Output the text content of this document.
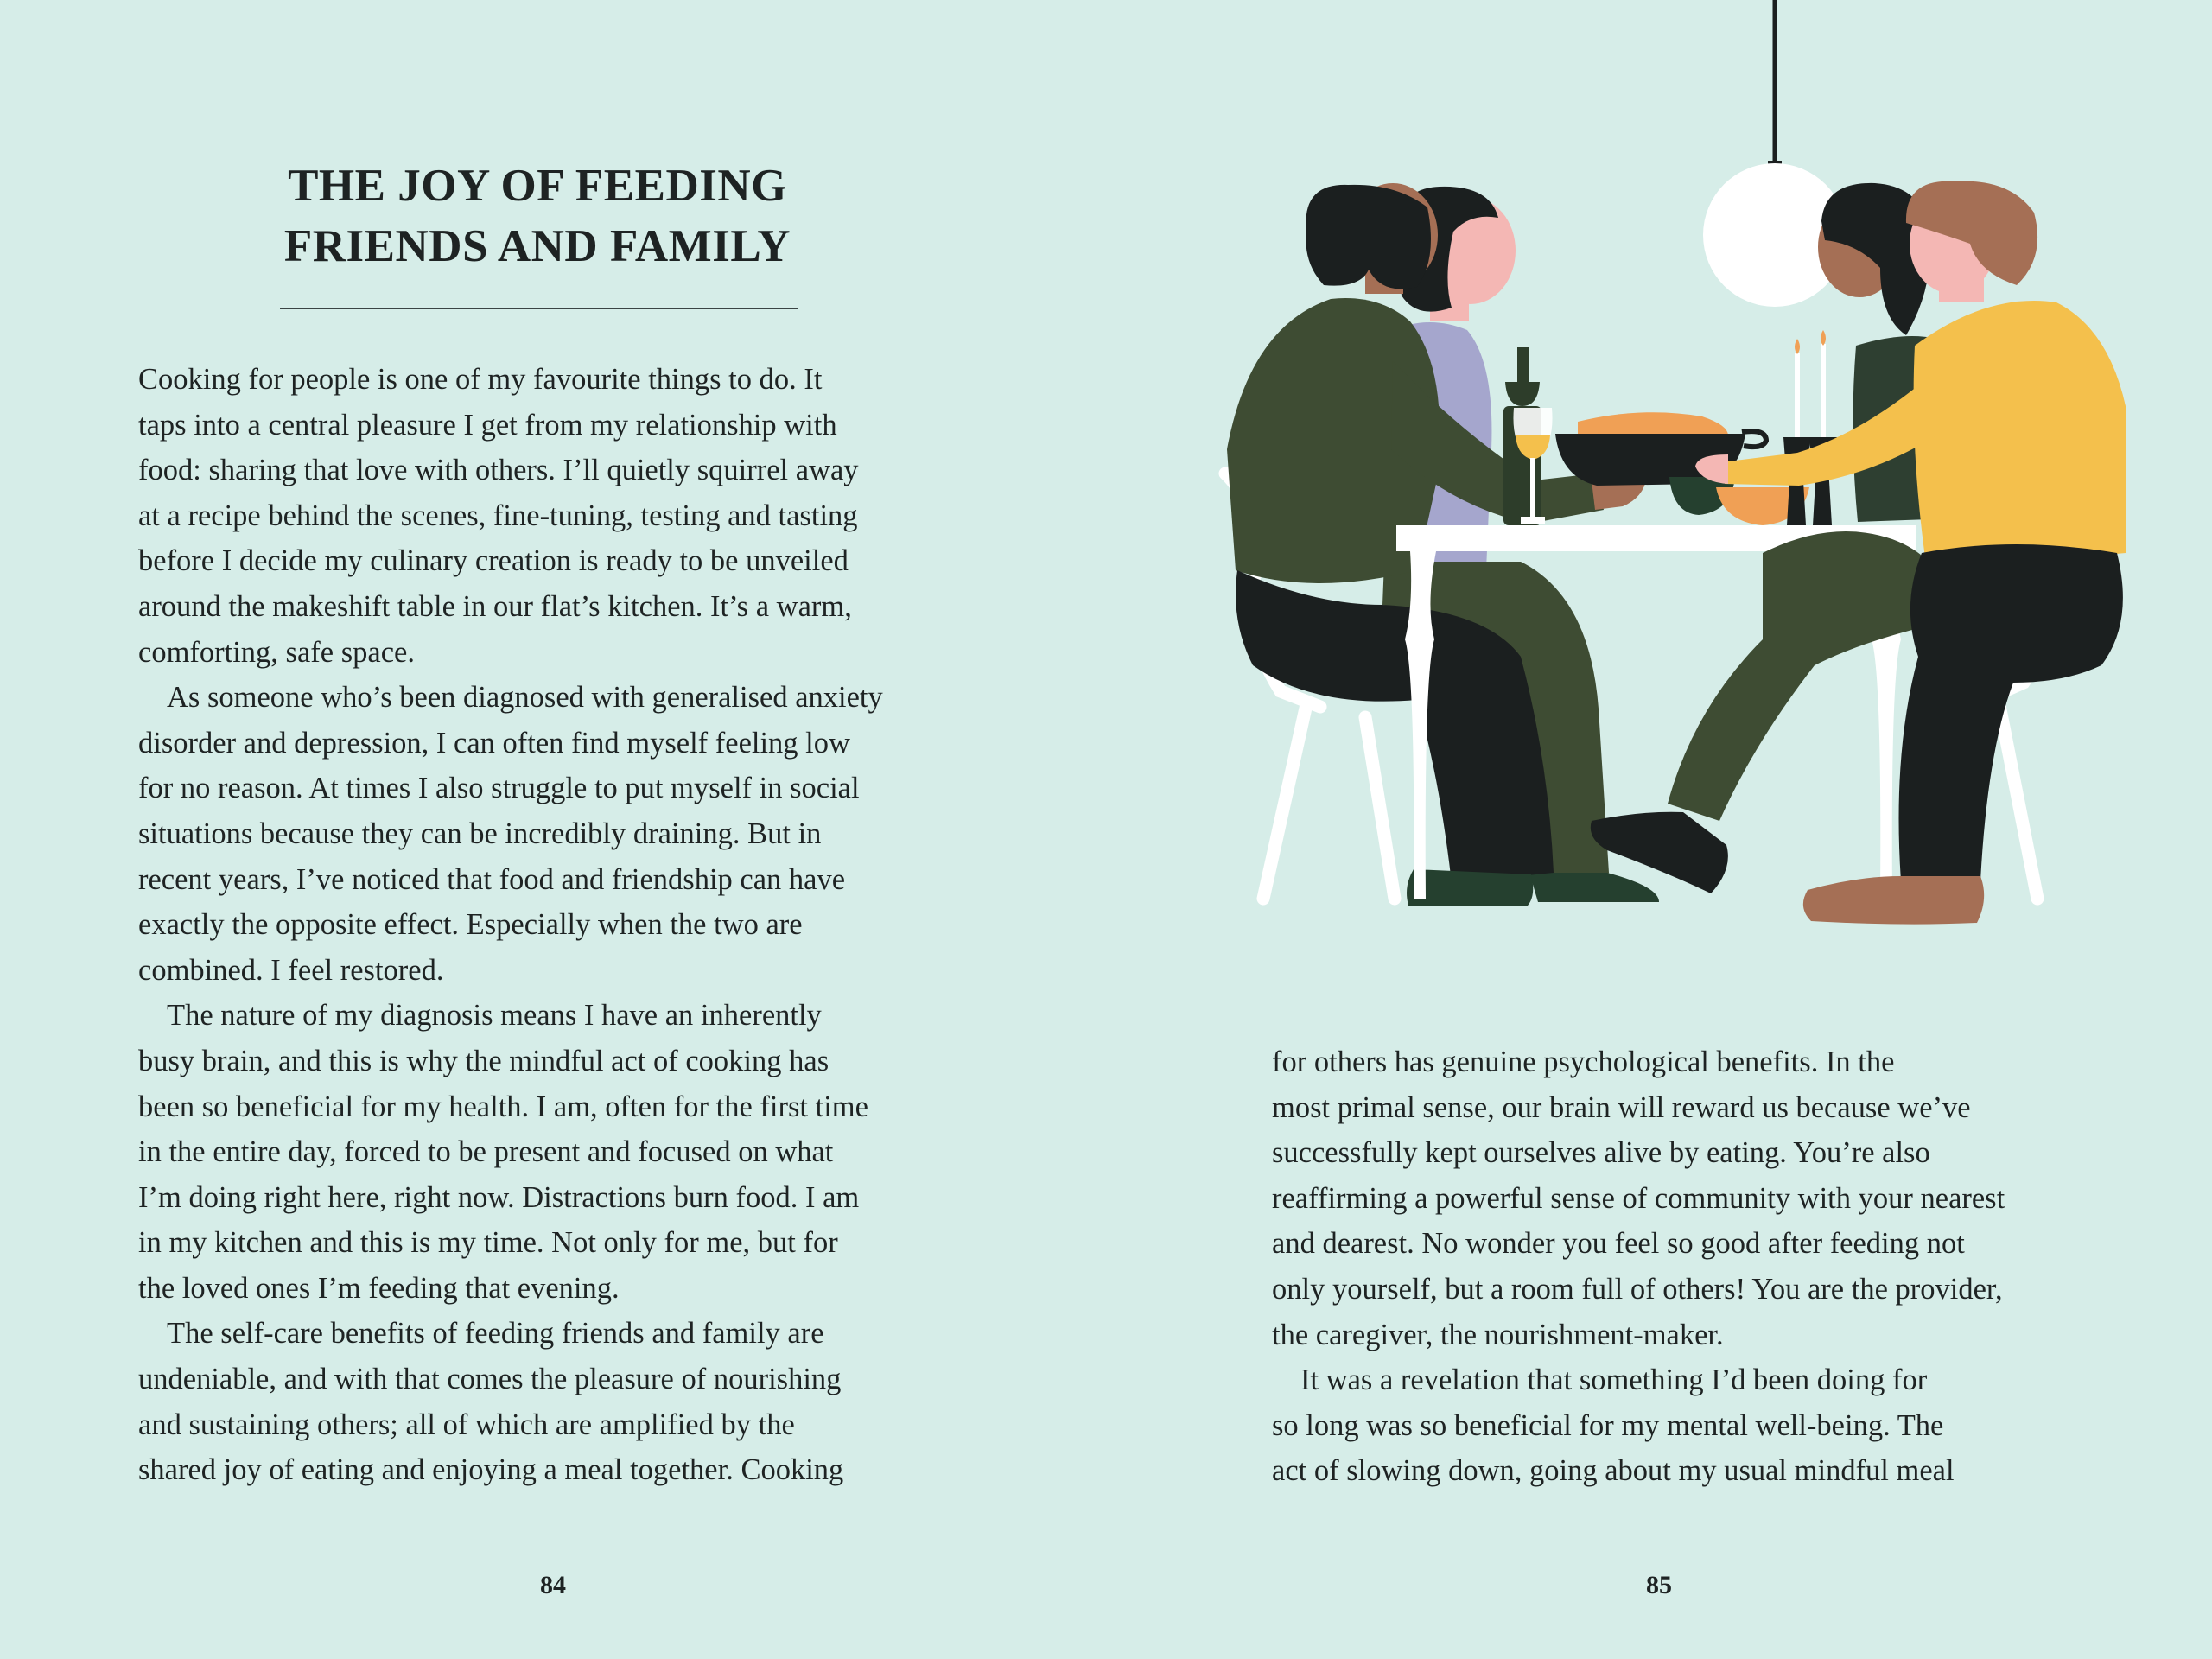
THE JOY OF FEEDING
FRIENDS AND FAMILY
Cooking for people is one of my favourite things to do. It
taps into a central pleasure I get from my relationship with
food: sharing that love with others. I’ll quietly squirrel away
at a recipe behind the scenes, fine-tuning, testing and tasting
before I decide my culinary creation is ready to be unveiled
around the makeshift table in our flat’s kitchen. It’s a warm,
comforting, safe space.
As someone who’s been diagnosed with generalised anxiety
disorder and depression, I can often find myself feeling low
for no reason. At times I also struggle to put myself in social
situations because they can be incredibly draining. But in
recent years, I’ve noticed that food and friendship can have
exactly the opposite effect. Especially when the two are
combined. I feel restored.
The nature of my diagnosis means I have an inherently
busy brain, and this is why the mindful act of cooking has
been so beneficial for my health. I am, often for the first time
in the entire day, forced to be present and focused on what
I’m doing right here, right now. Distractions burn food. I am
in my kitchen and this is my time. Not only for me, but for
the loved ones I’m feeding that evening.
The self-care benefits of feeding friends and family are
undeniable, and with that comes the pleasure of nourishing
and sustaining others; all of which are amplified by the
shared joy of eating and enjoying a meal together. Cooking
84	85
for others has genuine psychological benefits. In the
most primal sense, our brain will reward us because we’ve
successfully kept ourselves alive by eating. You’re also
reaffirming a powerful sense of community with your nearest
and dearest. No wonder you feel so good after feeding not
only yourself, but a room full of others! You are the provider,
the caregiver, the nourishment-maker.
It was a revelation that something I’d been doing for
so long was so beneficial for my mental well-being. The
act of slowing down, going about my usual mindful meal
